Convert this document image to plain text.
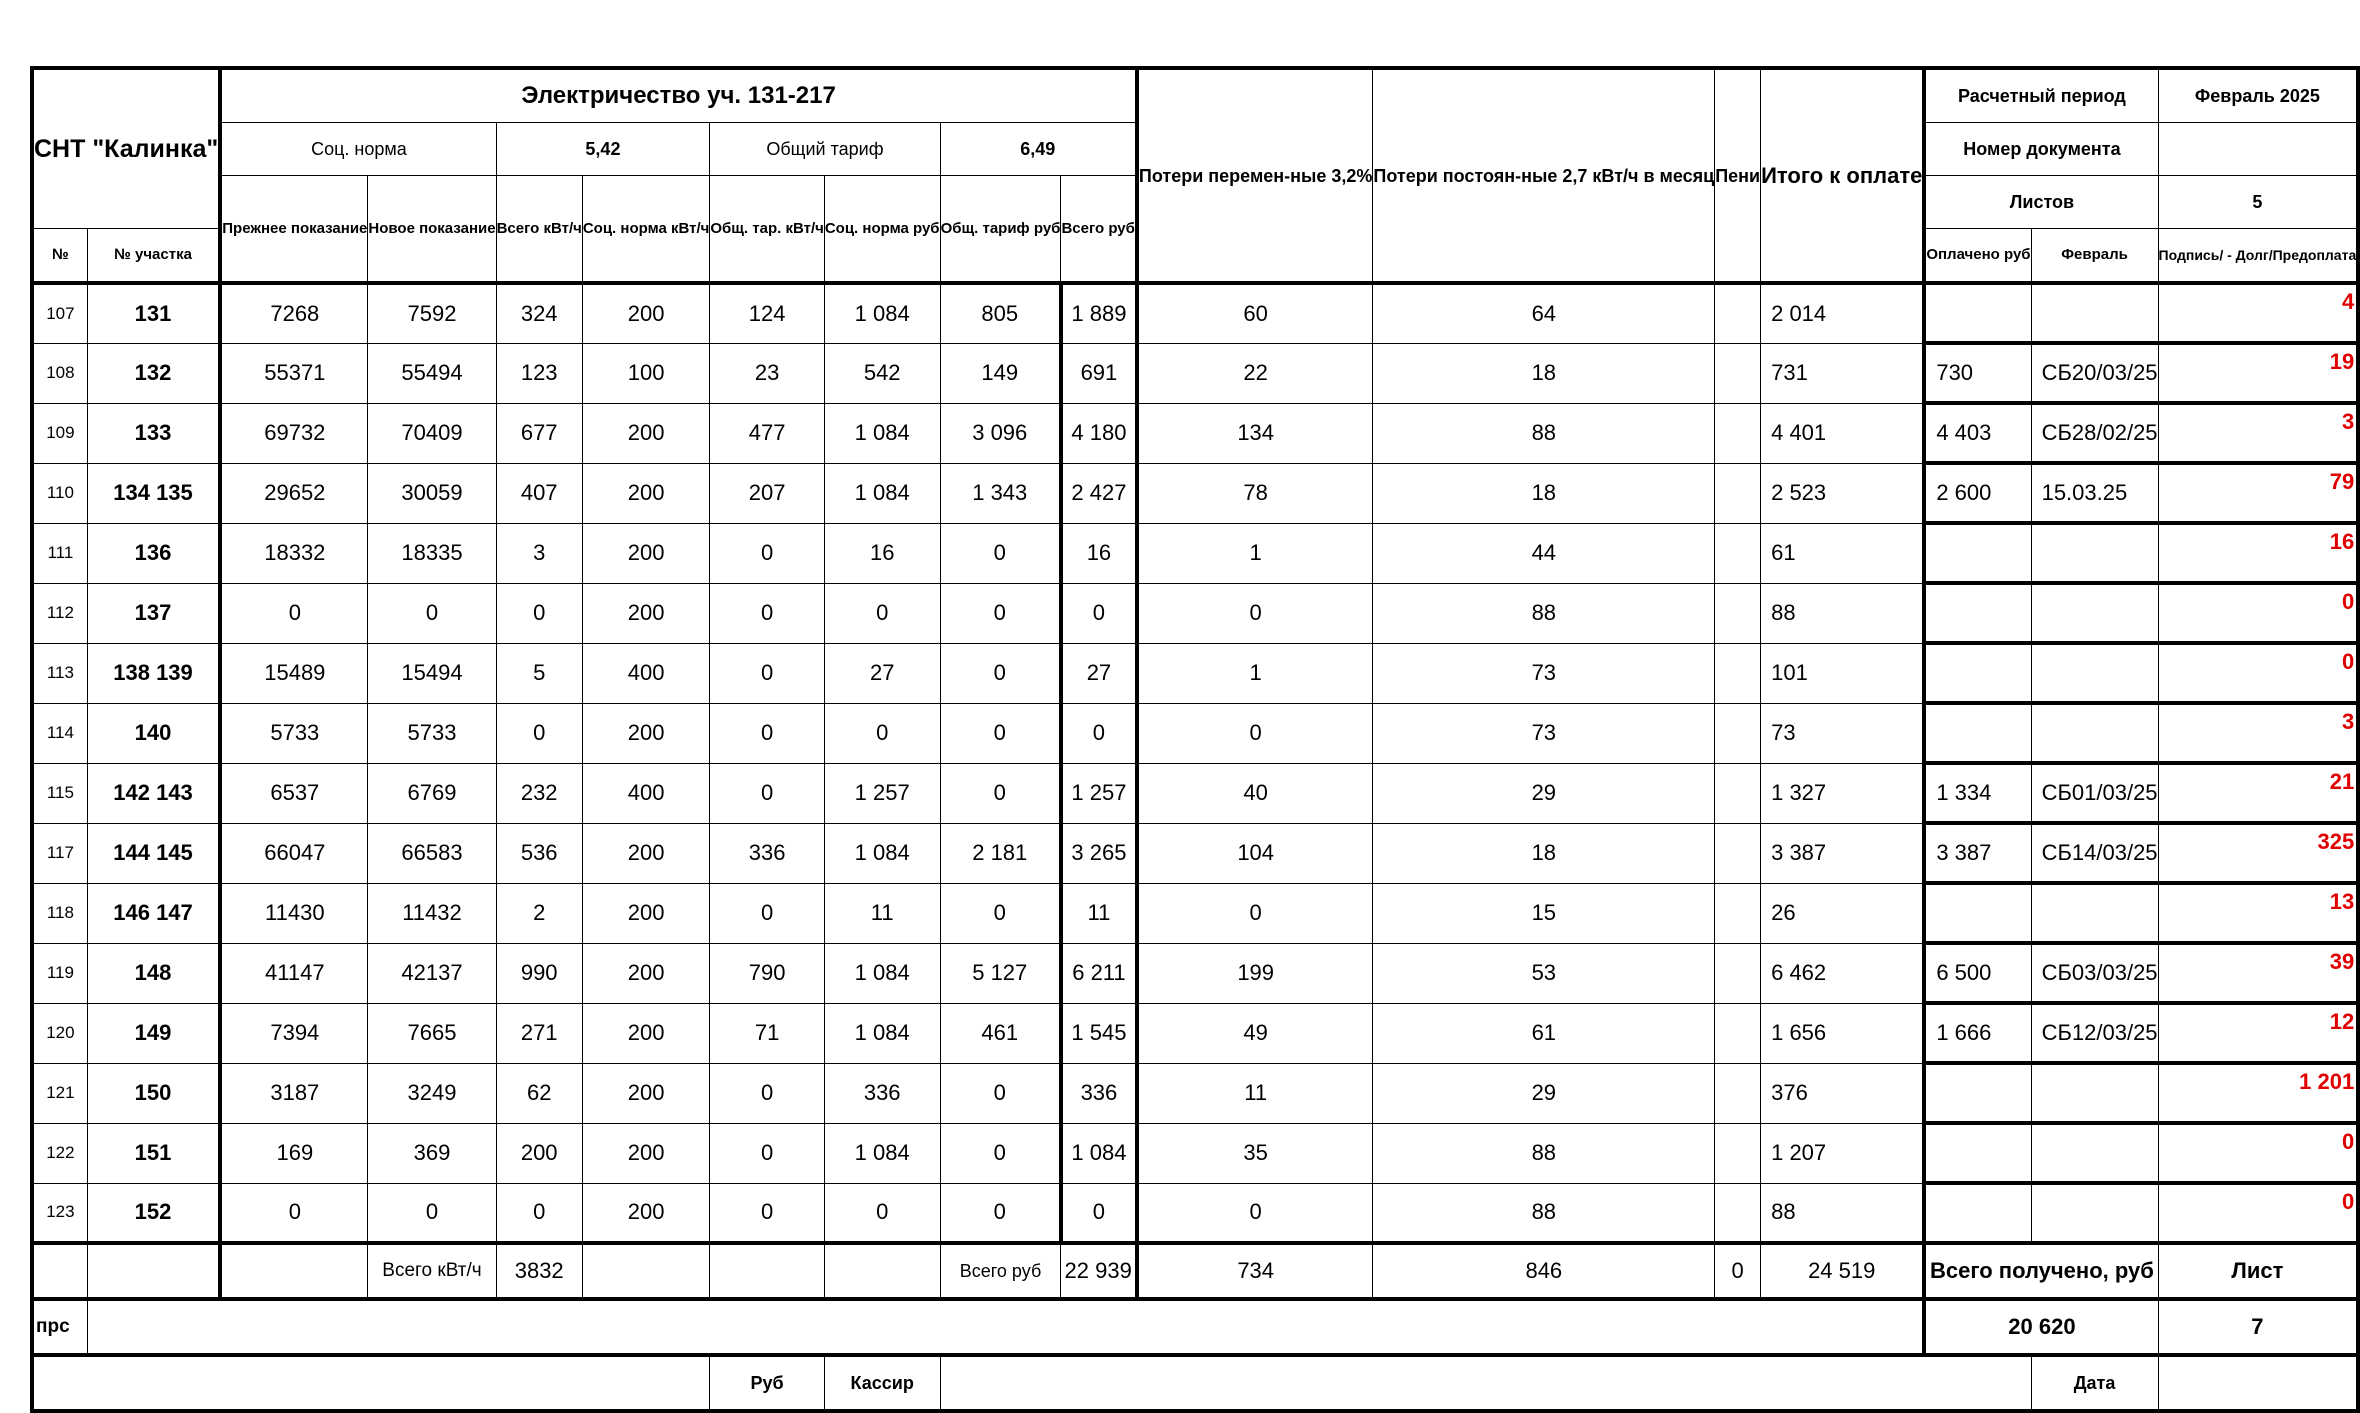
СНТ "Калинка"		Электричество уч. 131-217								Потери перемен-ные 3,2%	Потери постоян-ные 2,7 кВт/ч в месяц	Пени	Итого к оплате	Расчетный период		Февраль 2025
		Соц. норма		5,42		Общий тариф		6,49						Номер документа		
		Прежнее показание	Новое показание	Всего кВт/ч	Соц. норма кВт/ч	Общ. тар. кВт/ч	Соц. норма руб	Общ. тариф руб	Всего руб					Листов		5
№	№ участка													Оплачено руб	Февраль	Подпись/ - Долг/Предоплата
107	131	7268	7592	324	200	124	1 084	805	1 889	60	64		2 014			4
108	132	55371	55494	123	100	23	542	149	691	22	18		731	730	СБ20/03/25	19
109	133	69732	70409	677	200	477	1 084	3 096	4 180	134	88		4 401	4 403	СБ28/02/25	3
110	134 135	29652	30059	407	200	207	1 084	1 343	2 427	78	18		2 523	2 600	15.03.25	79
111	136	18332	18335	3	200	0	16	0	16	1	44		61			16
112	137	0	0	0	200	0	0	0	0	0	88		88			0
113	138 139	15489	15494	5	400	0	27	0	27	1	73		101			0
114	140	5733	5733	0	200	0	0	0	0	0	73		73			3
115	142 143	6537	6769	232	400	0	1 257	0	1 257	40	29		1 327	1 334	СБ01/03/25	21
117	144 145	66047	66583	536	200	336	1 084	2 181	3 265	104	18		3 387	3 387	СБ14/03/25	325
118	146 147	11430	11432	2	200	0	11	0	11	0	15		26			13
119	148	41147	42137	990	200	790	1 084	5 127	6 211	199	53		6 462	6 500	СБ03/03/25	39
120	149	7394	7665	271	200	71	1 084	461	1 545	49	61		1 656	1 666	СБ12/03/25	12
121	150	3187	3249	62	200	0	336	0	336	11	29		376			1 201
122	151	169	369	200	200	0	1 084	0	1 084	35	88		1 207			0
123	152	0	0	0	200	0	0	0	0	0	88		88			0
			Всего кВт/ч	3832				Всего руб	22 939	734	846	0	24 519	Всего получено, руб		Лист
прс														20 620		7
						Руб	Кассир								Дата	
